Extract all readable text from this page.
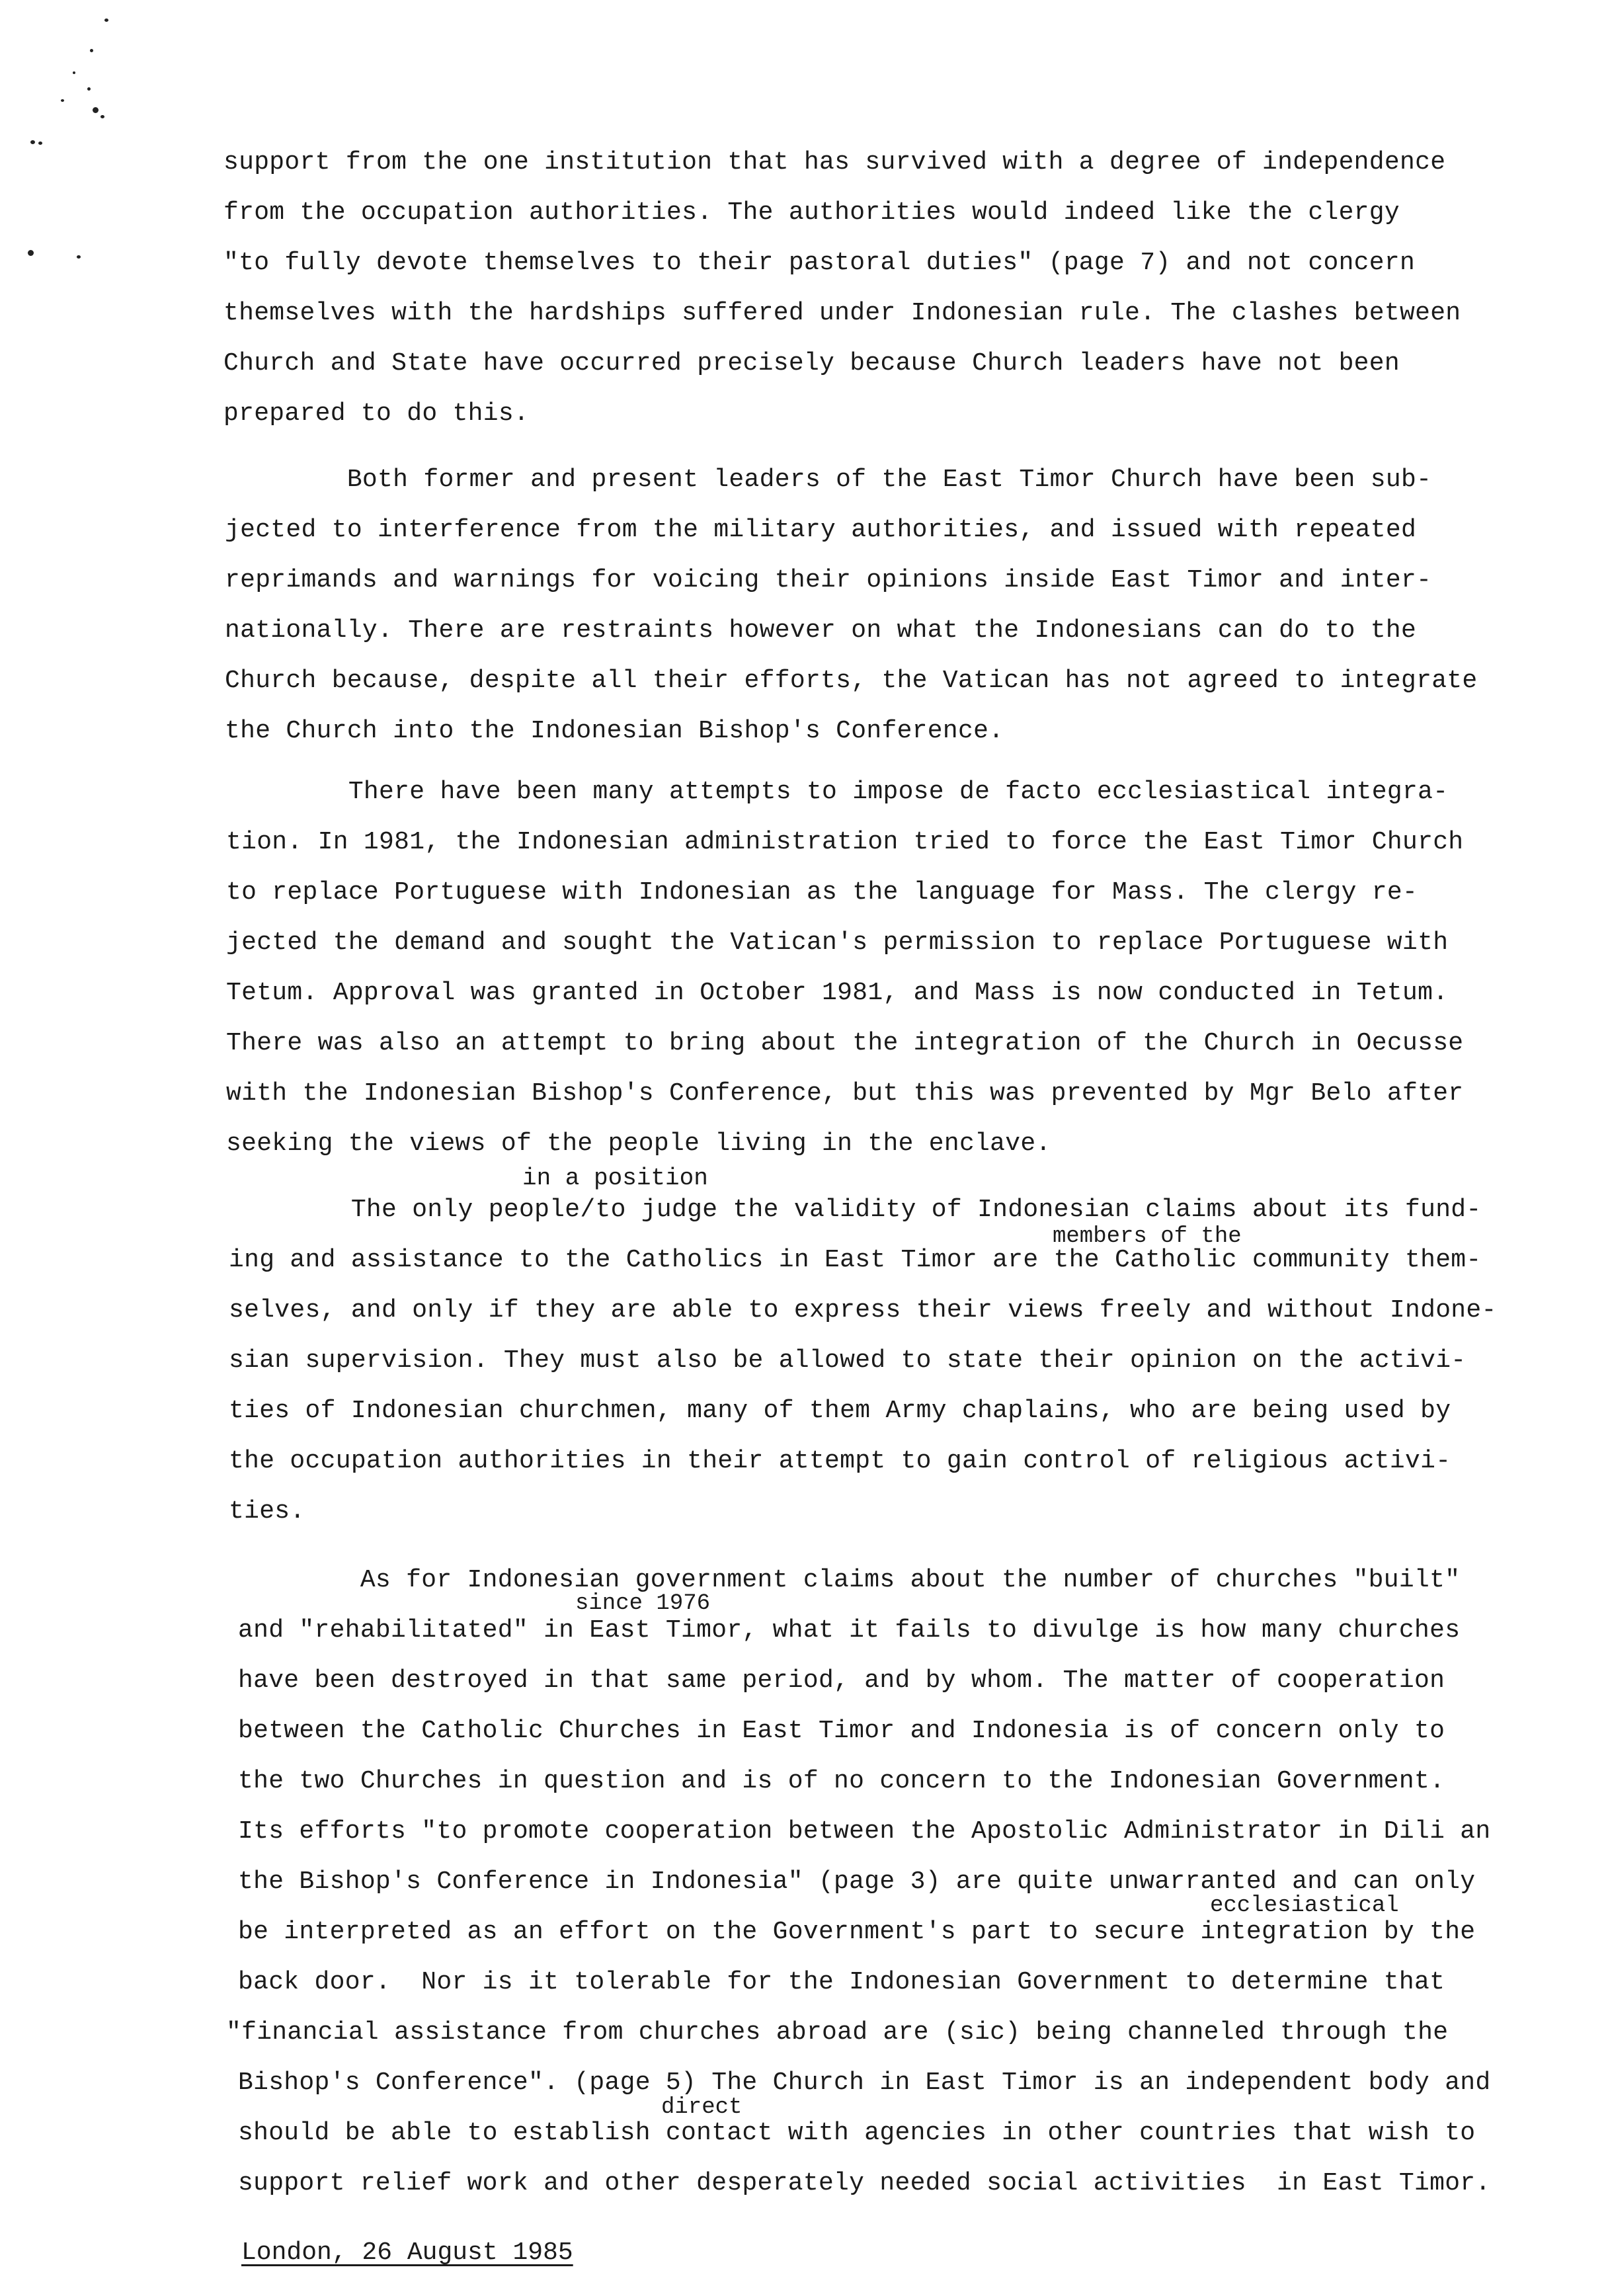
support from the one institution that has survived with a degree of independence
from the occupation authorities. The authorities would indeed like the clergy
"to fully devote themselves to their pastoral duties" (page 7) and not concern
themselves with the hardships suffered under Indonesian rule. The clashes between
Church and State have occurred precisely because Church leaders have not been
prepared to do this.
Both former and present leaders of the East Timor Church have been sub-
jected to interference from the military authorities, and issued with repeated
reprimands and warnings for voicing their opinions inside East Timor and inter-
nationally. There are restraints however on what the Indonesians can do to the
Church because, despite all their efforts, the Vatican has not agreed to integrate
the Church into the Indonesian Bishop's Conference.
There have been many attempts to impose de facto ecclesiastical integra-
tion. In 1981, the Indonesian administration tried to force the East Timor Church
to replace Portuguese with Indonesian as the language for Mass. The clergy re-
jected the demand and sought the Vatican's permission to replace Portuguese with
Tetum. Approval was granted in October 1981, and Mass is now conducted in Tetum.
There was also an attempt to bring about the integration of the Church in Oecusse
with the Indonesian Bishop's Conference, but this was prevented by Mgr Belo after
seeking the views of the people living in the enclave.
in a position
The only people/to judge the validity of Indonesian claims about its fund-
ing and assistance to the Catholics in East Timor are the Catholic community them-
selves, and only if they are able to express their views freely and without Indone-
sian supervision. They must also be allowed to state their opinion on the activi-
ties of Indonesian churchmen, many of them Army chaplains, who are being used by
the occupation authorities in their attempt to gain control of religious activi-
ties.
members of the
since 1976
ecclesiastical
direct
As for Indonesian government claims about the number of churches "built"
and "rehabilitated" in East Timor, what it fails to divulge is how many churches
have been destroyed in that same period, and by whom. The matter of cooperation
between the Catholic Churches in East Timor and Indonesia is of concern only to
the two Churches in question and is of no concern to the Indonesian Government.
Its efforts "to promote cooperation between the Apostolic Administrator in Dili an
the Bishop's Conference in Indonesia" (page 3) are quite unwarranted and can only
be interpreted as an effort on the Government's part to secure integration by the
back door.  Nor is it tolerable for the Indonesian Government to determine that
"financial assistance from churches abroad are (sic) being channeled through the
Bishop's Conference". (page 5) The Church in East Timor is an independent body and
should be able to establish contact with agencies in other countries that wish to
support relief work and other desperately needed social activities  in East Timor.
London, 26 August 1985
